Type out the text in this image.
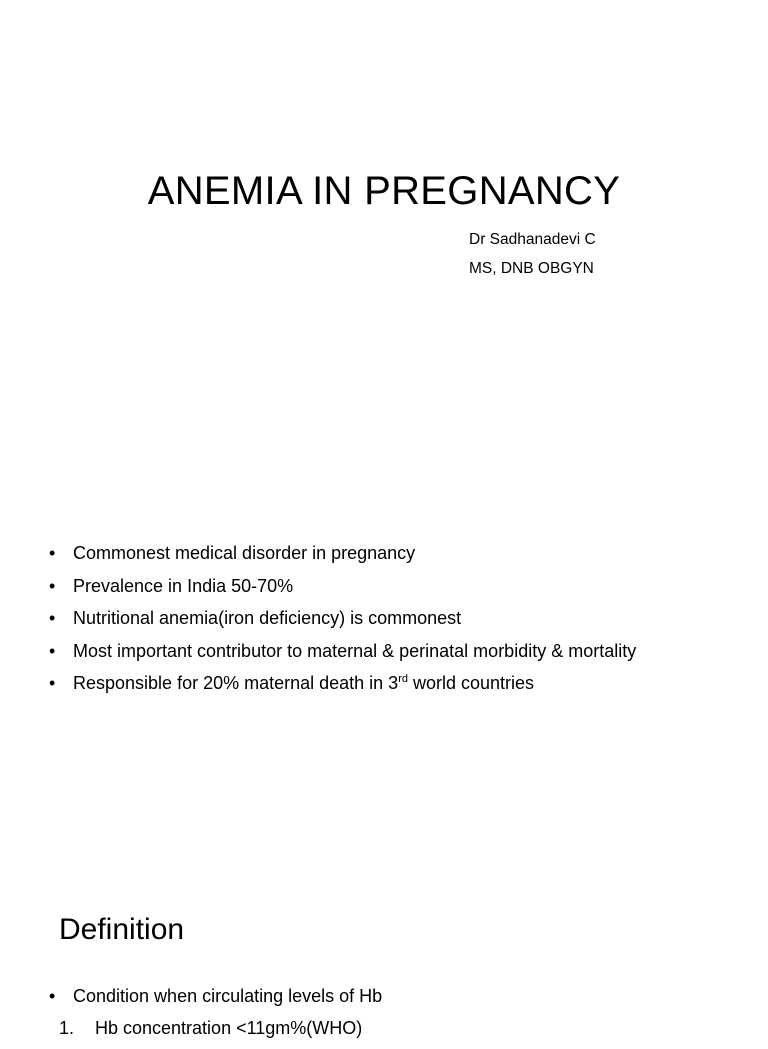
ANEMIA IN PREGNANCY
Dr Sadhanadevi C
MS, DNB OBGYN
• Commonest medical disorder in pregnancy
• Prevalence in India 50-70%
• Nutritional anemia(iron deficiency) is commonest
• Most important contributor to maternal & perinatal morbidity & mortality
• Responsible for 20% maternal death in 3rd world countries
Definition
• Condition when circulating levels of Hb
1. Hb concentration <11gm%(WHO)
